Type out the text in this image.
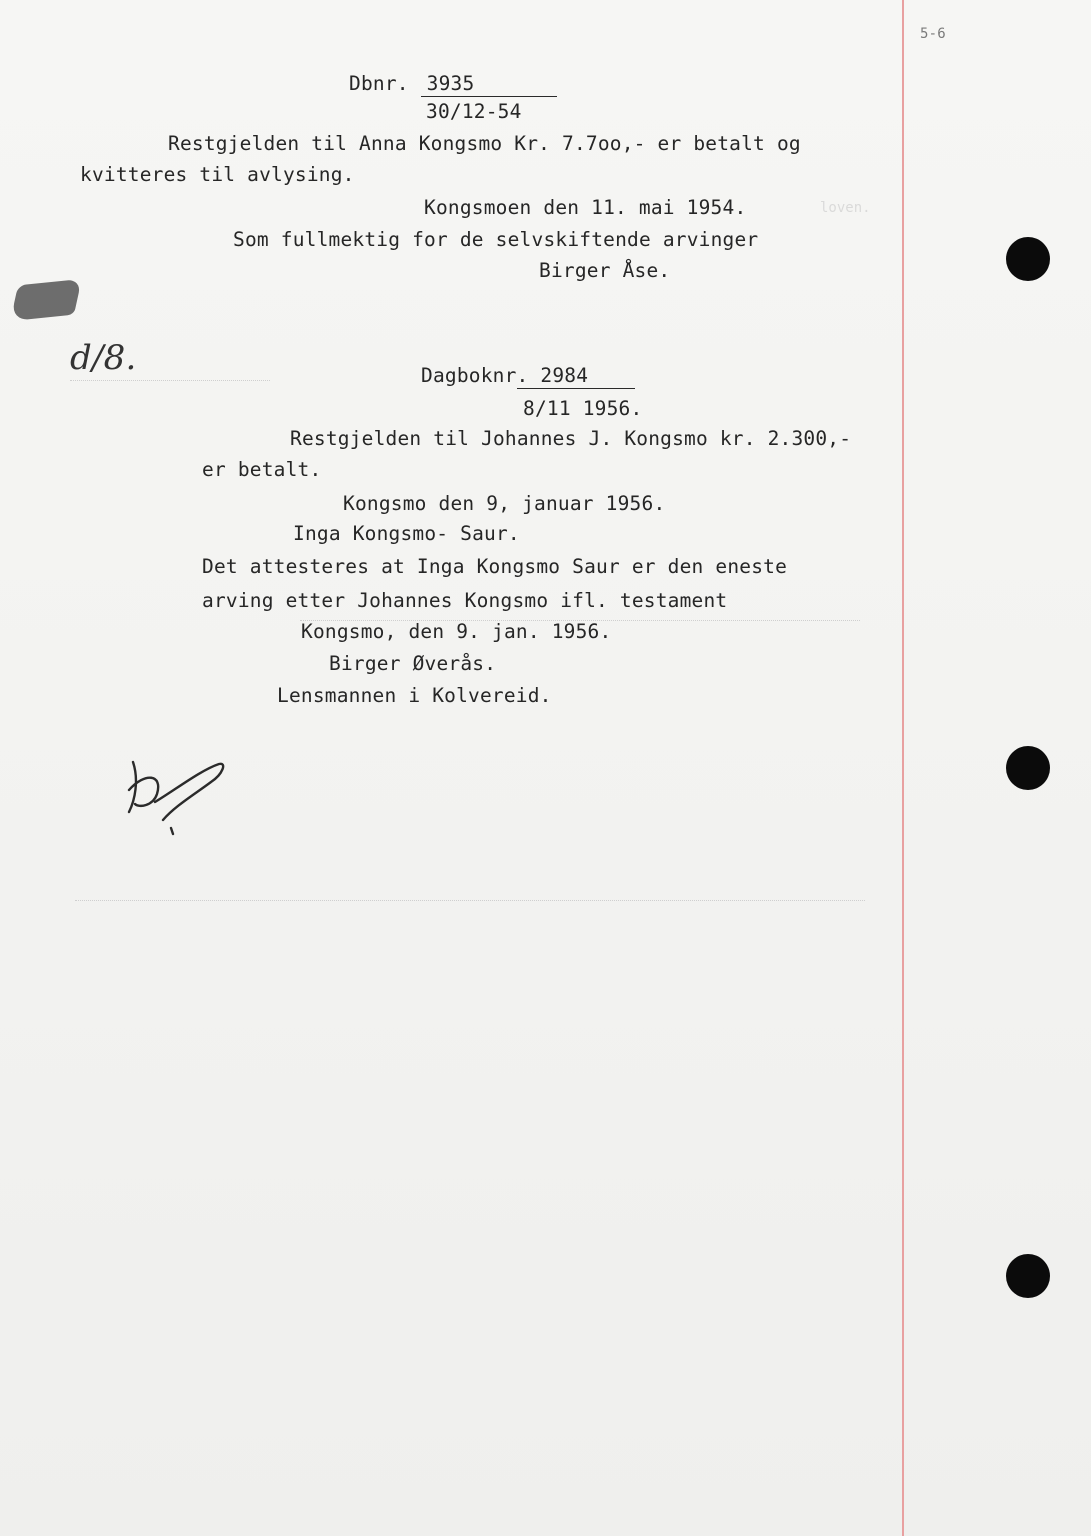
loven.
5-6
Dbnr. 3935
30/12-54
Restgjelden til Anna Kongsmo Kr. 7.7oo,- er betalt og
kvitteres til avlysing.
Kongsmoen den 11. mai 1954.
Som fullmektig for de selvskiftende arvinger
Birger Åse.
d/8.	Dagboknr. 2984
8/11 1956.
Restgjelden til Johannes J. Kongsmo kr. 2.300,-
er betalt.
Kongsmo den 9, januar 1956.
Inga Kongsmo- Saur.
Det attesteres at Inga Kongsmo Saur er den eneste
arving etter Johannes Kongsmo ifl. testament
Kongsmo, den 9. jan. 1956.
Birger Øverås.
Lensmannen i Kolvereid.
